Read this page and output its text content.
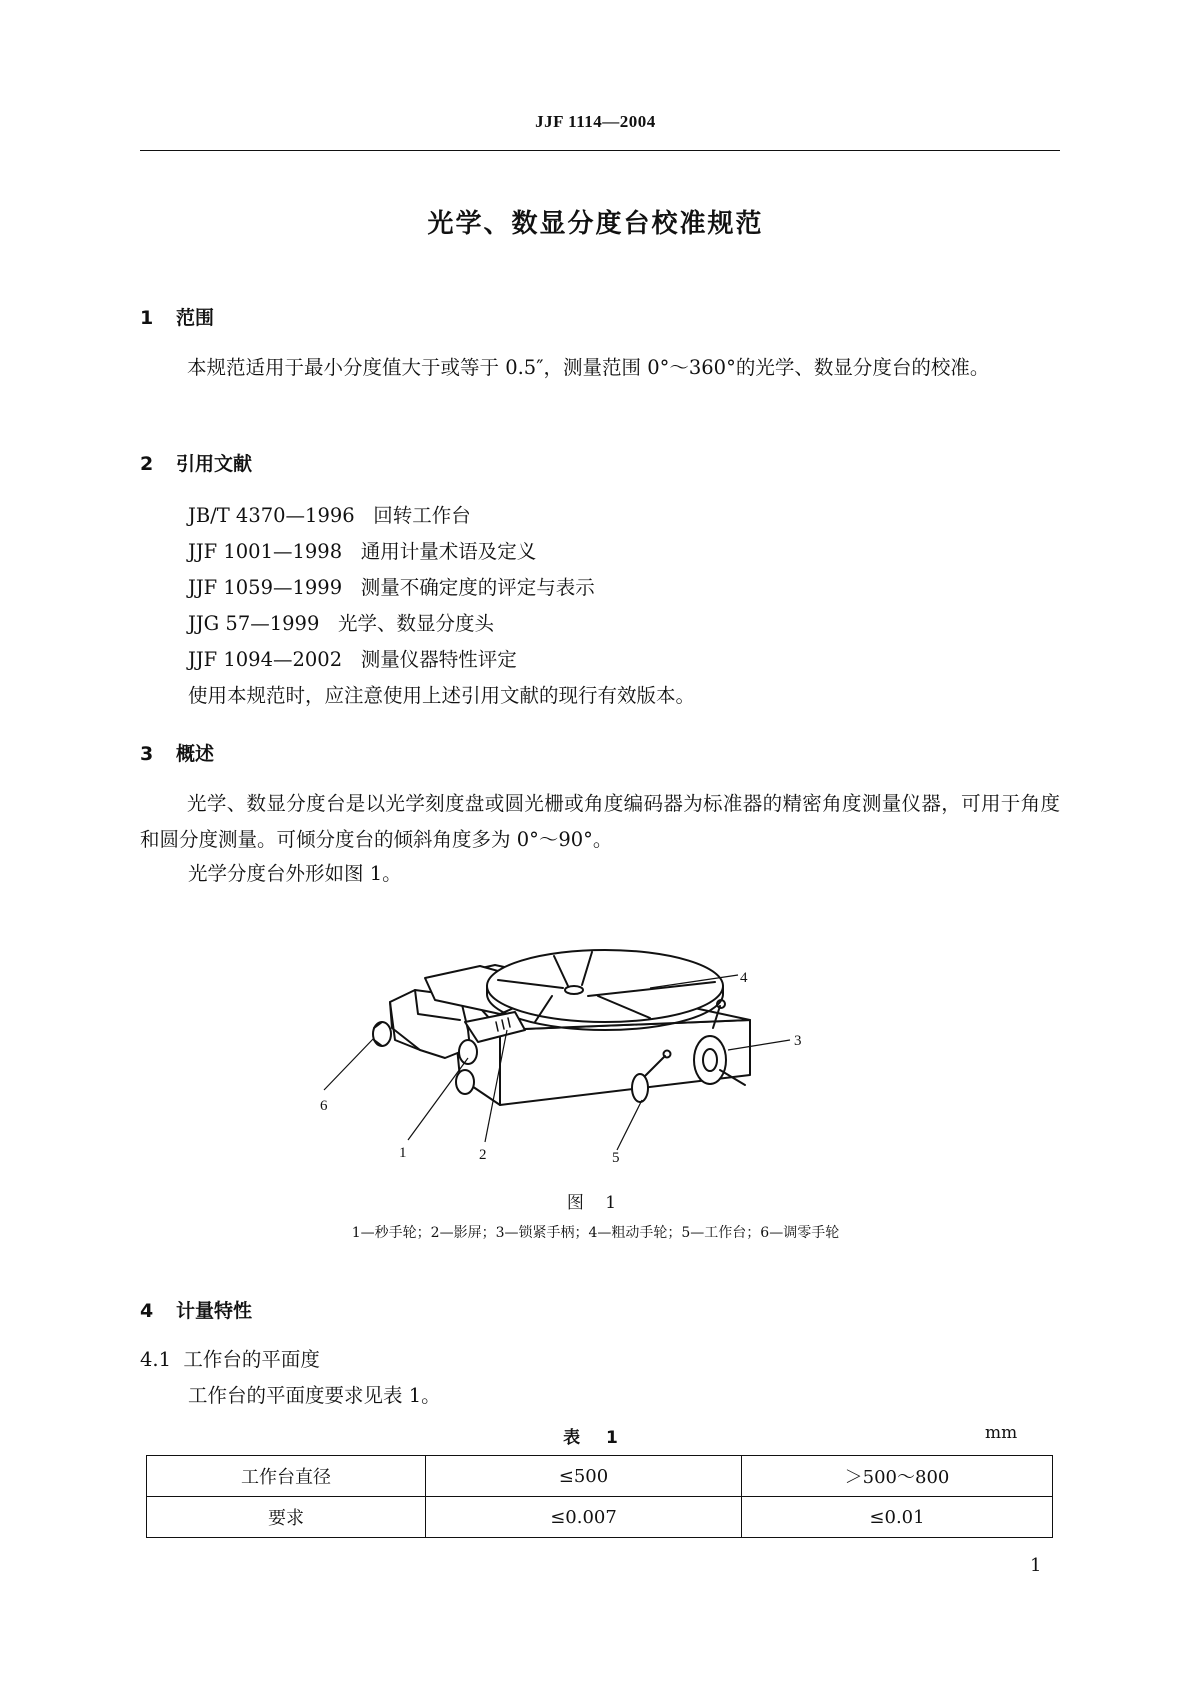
JJF 1114—2004
光学、数显分度台校准规范
1 范围
本规范适用于最小分度值大于或等于 0.5″，测量范围 0°～360°的光学、数显分度台的校准。
2 引用文献
JB/T 4370—1996 回转工作台
JJF 1001—1998 通用计量术语及定义
JJF 1059—1999 测量不确定度的评定与表示
JJG 57—1999 光学、数显分度头
JJF 1094—2002 测量仪器特性评定
使用本规范时，应注意使用上述引用文献的现行有效版本。
3 概述
光学、数显分度台是以光学刻度盘或圆光栅或角度编码器为标准器的精密角度测量仪器，可用于角度和圆分度测量。可倾分度台的倾斜角度多为 0°～90°。
光学分度台外形如图 1。
4
3
6
1	2	5
图 1
1—秒手轮；2—影屏；3—锁紧手柄；4—粗动手轮；5—工作台；6—调零手轮
4 计量特性
4.1 工作台的平面度
工作台的平面度要求见表 1。
表 1	mm
工作台直径	≤500	＞500～800
要求	≤0.007	≤0.01
1
